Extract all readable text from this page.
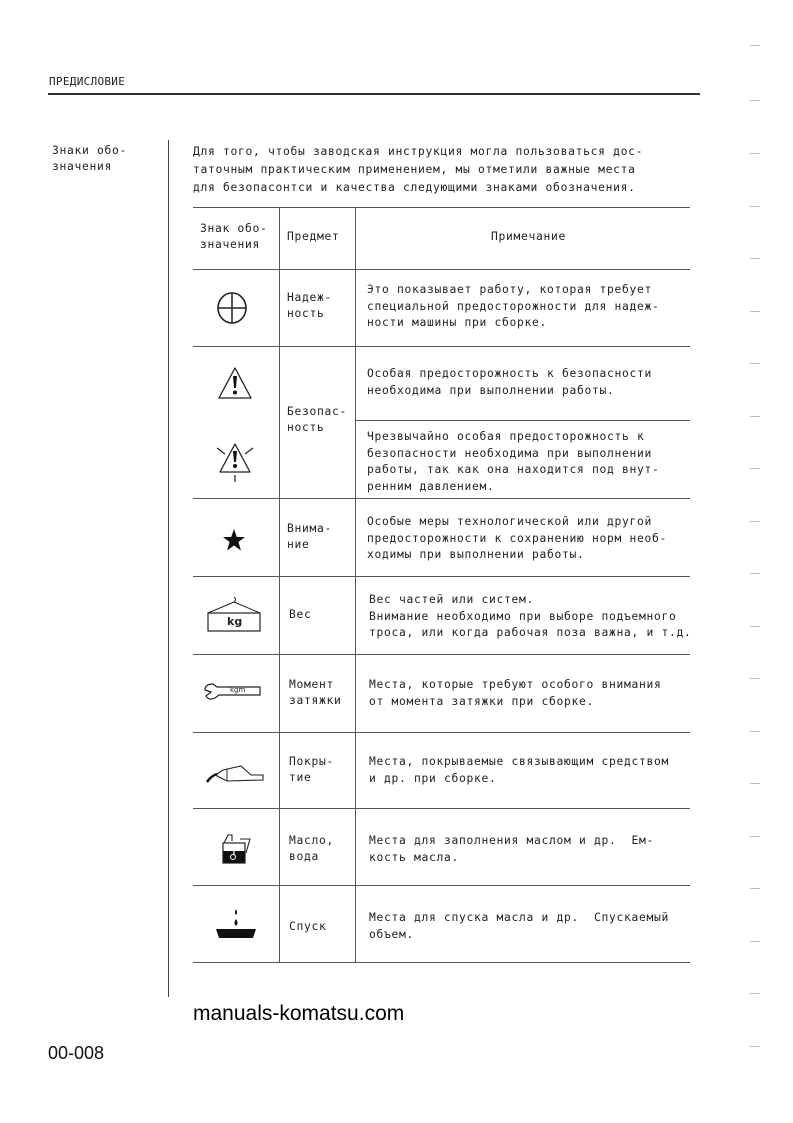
ПРЕДИСЛОВИЕ
Знаки обо-
значения
Для того, чтобы заводская инструкция могла пользоваться дос-
таточным практическим применением, мы отметили важные места
для безопасонтси и качества следующими знаками обозначения.
Знак обо-
значения
Предмет	Примечание
Надеж-
ность
Это показывает работу, которая требует
специальной предосторожности для надеж-
ности машины при сборке.
Безопас-
ность
Особая предосторожность к безопасности
необходима при выполнении работы.
Чрезвычайно особая предосторожность к
безопасности необходима при выполнении
работы, так как она находится под внут-
ренним давлением.
Внима-
ние
Особые меры технологической или другой
предосторожности к сохранению норм необ-
ходимы при выполнении работы.
kg
Вес
Вес частей или систем.
Внимание необходимо при выборе подъемного
троса, или когда рабочая поза важна, и т.д.
kgm	Момент
затяжки
Места, которые требуют особого внимания
от момента затяжки при сборке.
Покры-
тие
Места, покрываемые связывающим средством
и др. при сборке.
Масло,
вода
Места для заполнения маслом и др.  Ем-
кость масла.
Спуск
Места для спуска масла и др.  Спускаемый
объем.
manuals-komatsu.com
00-008
